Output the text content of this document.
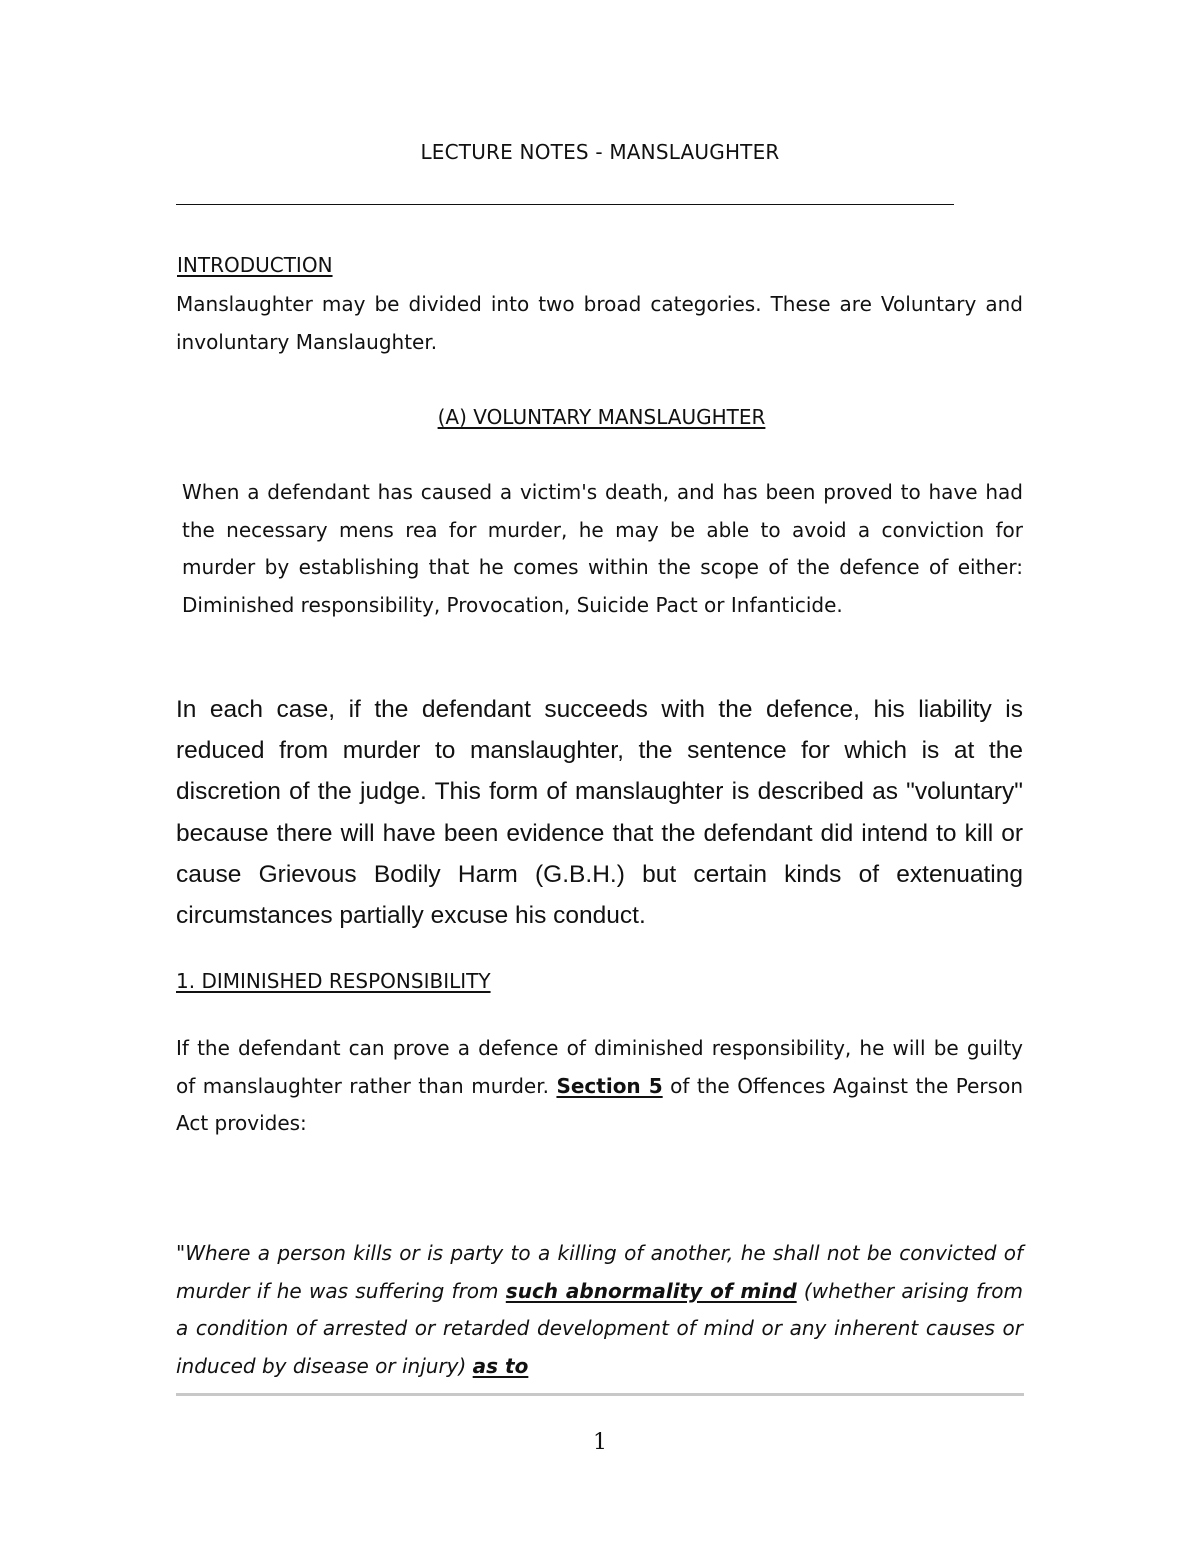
LECTURE NOTES - MANSLAUGHTER
INTRODUCTION

Manslaughter may be divided into two broad categories. These are Voluntary and involuntary Manslaughter.

(A) VOLUNTARY MANSLAUGHTER

When a defendant has caused a victim's death, and has been proved to have had the necessary mens rea for murder, he may be able to avoid a conviction for murder by establishing that he comes within the scope of the defence of either: Diminished responsibility, Provocation, Suicide Pact or Infanticide.

In each case, if the defendant succeeds with the defence, his liability is reduced from murder to manslaughter, the sentence for which is at the discretion of the judge. This form of manslaughter is described as "voluntary" because there will have been evidence that the defendant did intend to kill or cause Grievous Bodily Harm (G.B.H.) but certain kinds of extenuating circumstances partially excuse his conduct.

1. DIMINISHED RESPONSIBILITY

If the defendant can prove a defence of diminished responsibility, he will be guilty of manslaughter rather than murder. Section 5 of the Offences Against the Person Act provides:

"Where a person kills or is party to a killing of another, he shall not be convicted of murder if he was suffering from such abnormality of mind (whether arising from a condition of arrested or retarded development of mind or any inherent causes or induced by disease or injury) as to

1
